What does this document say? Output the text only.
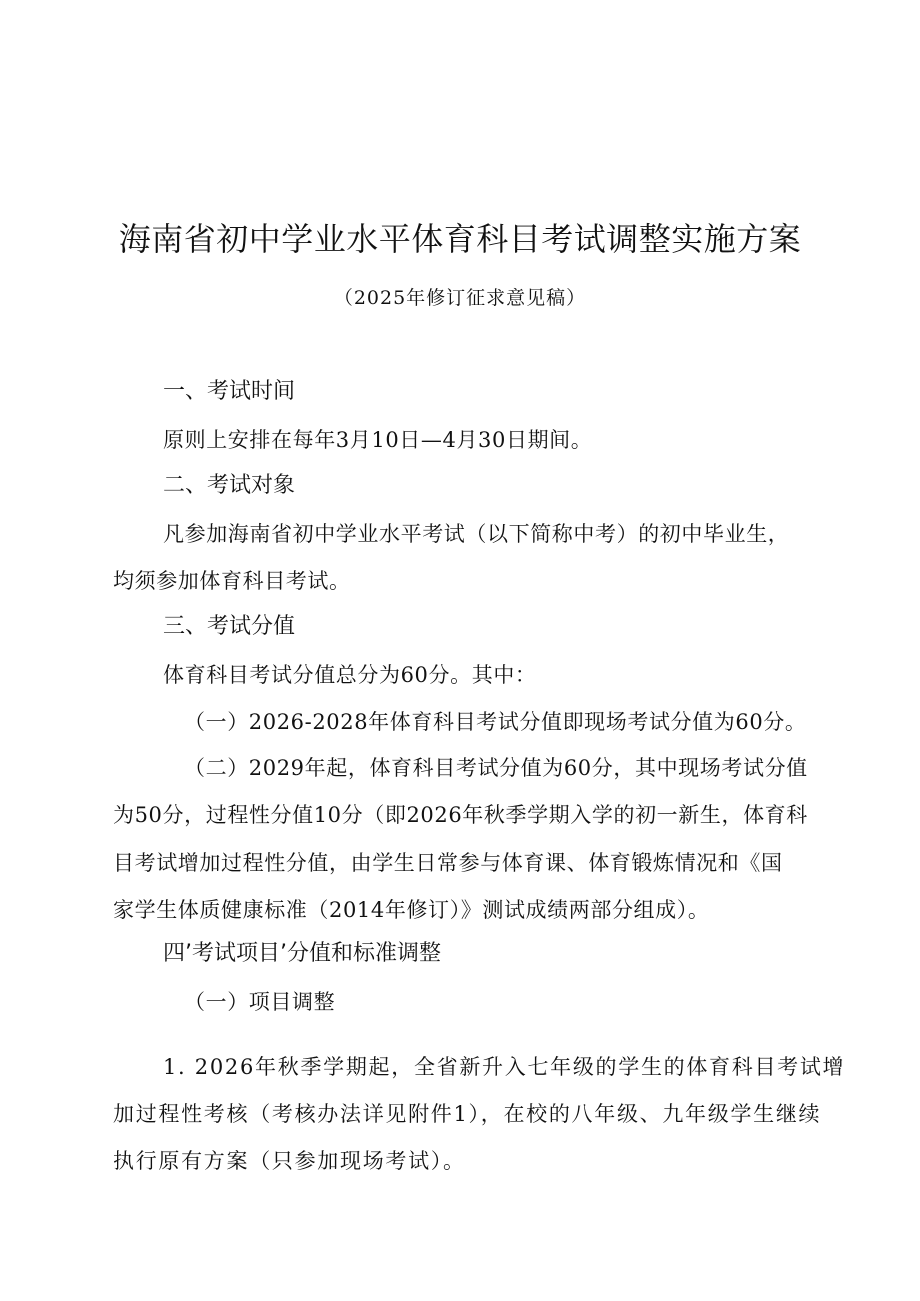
海南省初中学业水平体育科目考试调整实施方案
（2025年修订征求意见稿）
一、考试时间
原则上安排在每年3月10日—4月30日期间。
二、考试对象
凡参加海南省初中学业水平考试（以下简称中考）的初中毕业生，
均须参加体育科目考试。
三、考试分值
体育科目考试分值总分为60分。其中：
（一）2026-2028年体育科目考试分值即现场考试分值为60分。
（二）2029年起，体育科目考试分值为60分，其中现场考试分值
为50分，过程性分值10分（即2026年秋季学期入学的初一新生，体育科
目考试增加过程性分值，由学生日常参与体育课、体育锻炼情况和《国
家学生体质健康标准（2014年修订）》测试成绩两部分组成）。
四’考试项目’分值和标准调整
（一）项目调整
1. 2026年秋季学期起，全省新升入七年级的学生的体育科目考试增
加过程性考核（考核办法详见附件1），在校的八年级、九年级学生继续
执行原有方案（只参加现场考试）。
